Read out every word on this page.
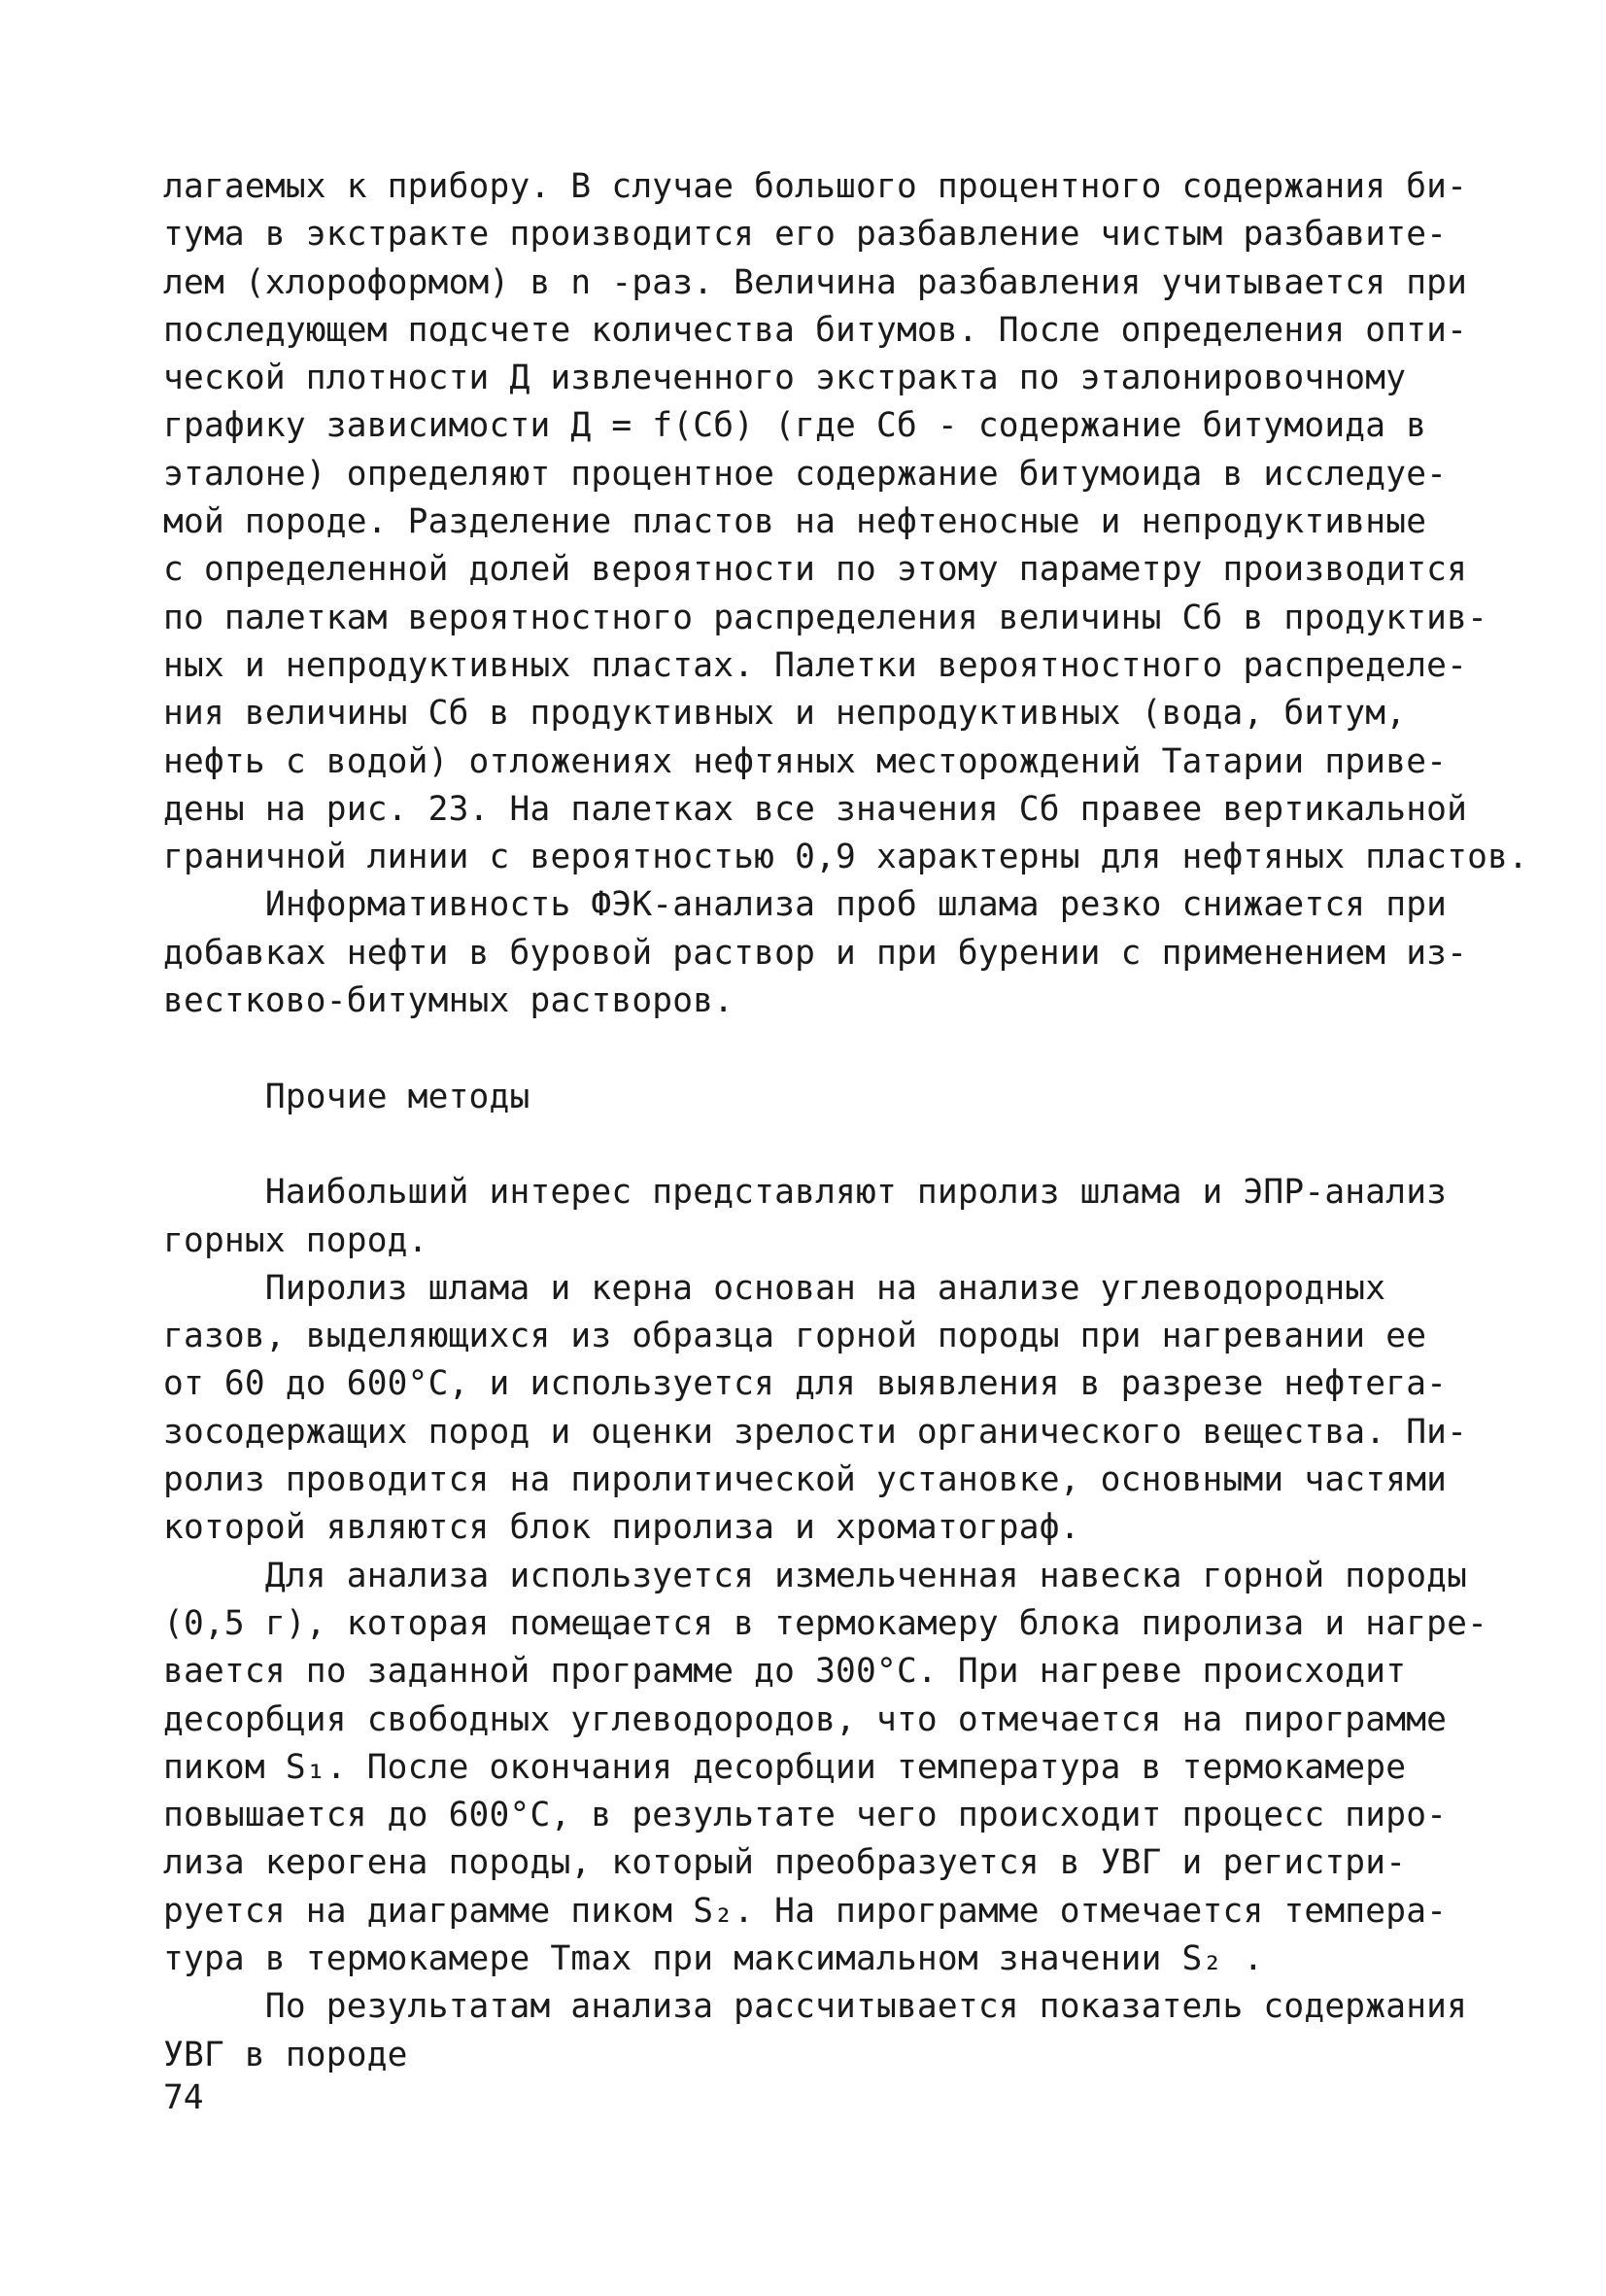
лагаемых к прибору. В случае большого процентного содержания би-
тума в экстракте производится его разбавление чистым разбавите-
лем (хлороформом) в n -раз. Величина разбавления учитывается при
последующем подсчете количества битумов. После определения опти-
ческой плотности Д извлеченного экстракта по эталонировочному
графику зависимости Д = f(Cб) (где Cб - содержание битумоида в
эталоне) определяют процентное содержание битумоида в исследуе-
мой породе. Разделение пластов на нефтеносные и непродуктивные
с определенной долей вероятности по этому параметру производится
по палеткам вероятностного распределения величины Cб в продуктив-
ных и непродуктивных пластах. Палетки вероятностного распределе-
ния величины Cб в продуктивных и непродуктивных (вода, битум,
нефть с водой) отложениях нефтяных месторождений Татарии приве-
дены на рис. 23. На палетках все значения Cб правее вертикальной
граничной линии с вероятностью 0,9 характерны для нефтяных пластов.
Информативность ФЭК-анализа проб шлама резко снижается при
добавках нефти в буровой раствор и при бурении с применением из-
вестково-битумных растворов.
Прочие методы
Наибольший интерес представляют пиролиз шлама и ЭПР-анализ
горных пород.
Пиролиз шлама и керна основан на анализе углеводородных
газов, выделяющихся из образца горной породы при нагревании ее
от 60 до 600°С, и используется для выявления в разрезе нефтега-
зосодержащих пород и оценки зрелости органического вещества. Пи-
ролиз проводится на пиролитической установке, основными частями
которой являются блок пиролиза и хроматограф.
Для анализа используется измельченная навеска горной породы
(0,5 г), которая помещается в термокамеру блока пиролиза и нагре-
вается по заданной программе до 300°С. При нагреве происходит
десорбция свободных углеводородов, что отмечается на пирограмме
пиком S₁. После окончания десорбции температура в термокамере
повышается до 600°С, в результате чего происходит процесс пиро-
лиза керогена породы, который преобразуется в УВГ и регистри-
руется на диаграмме пиком S₂. На пирограмме отмечается темпера-
тура в термокамере Tmax при максимальном значении S₂ .
По результатам анализа рассчитывается показатель содержания
УВГ в породе
74
